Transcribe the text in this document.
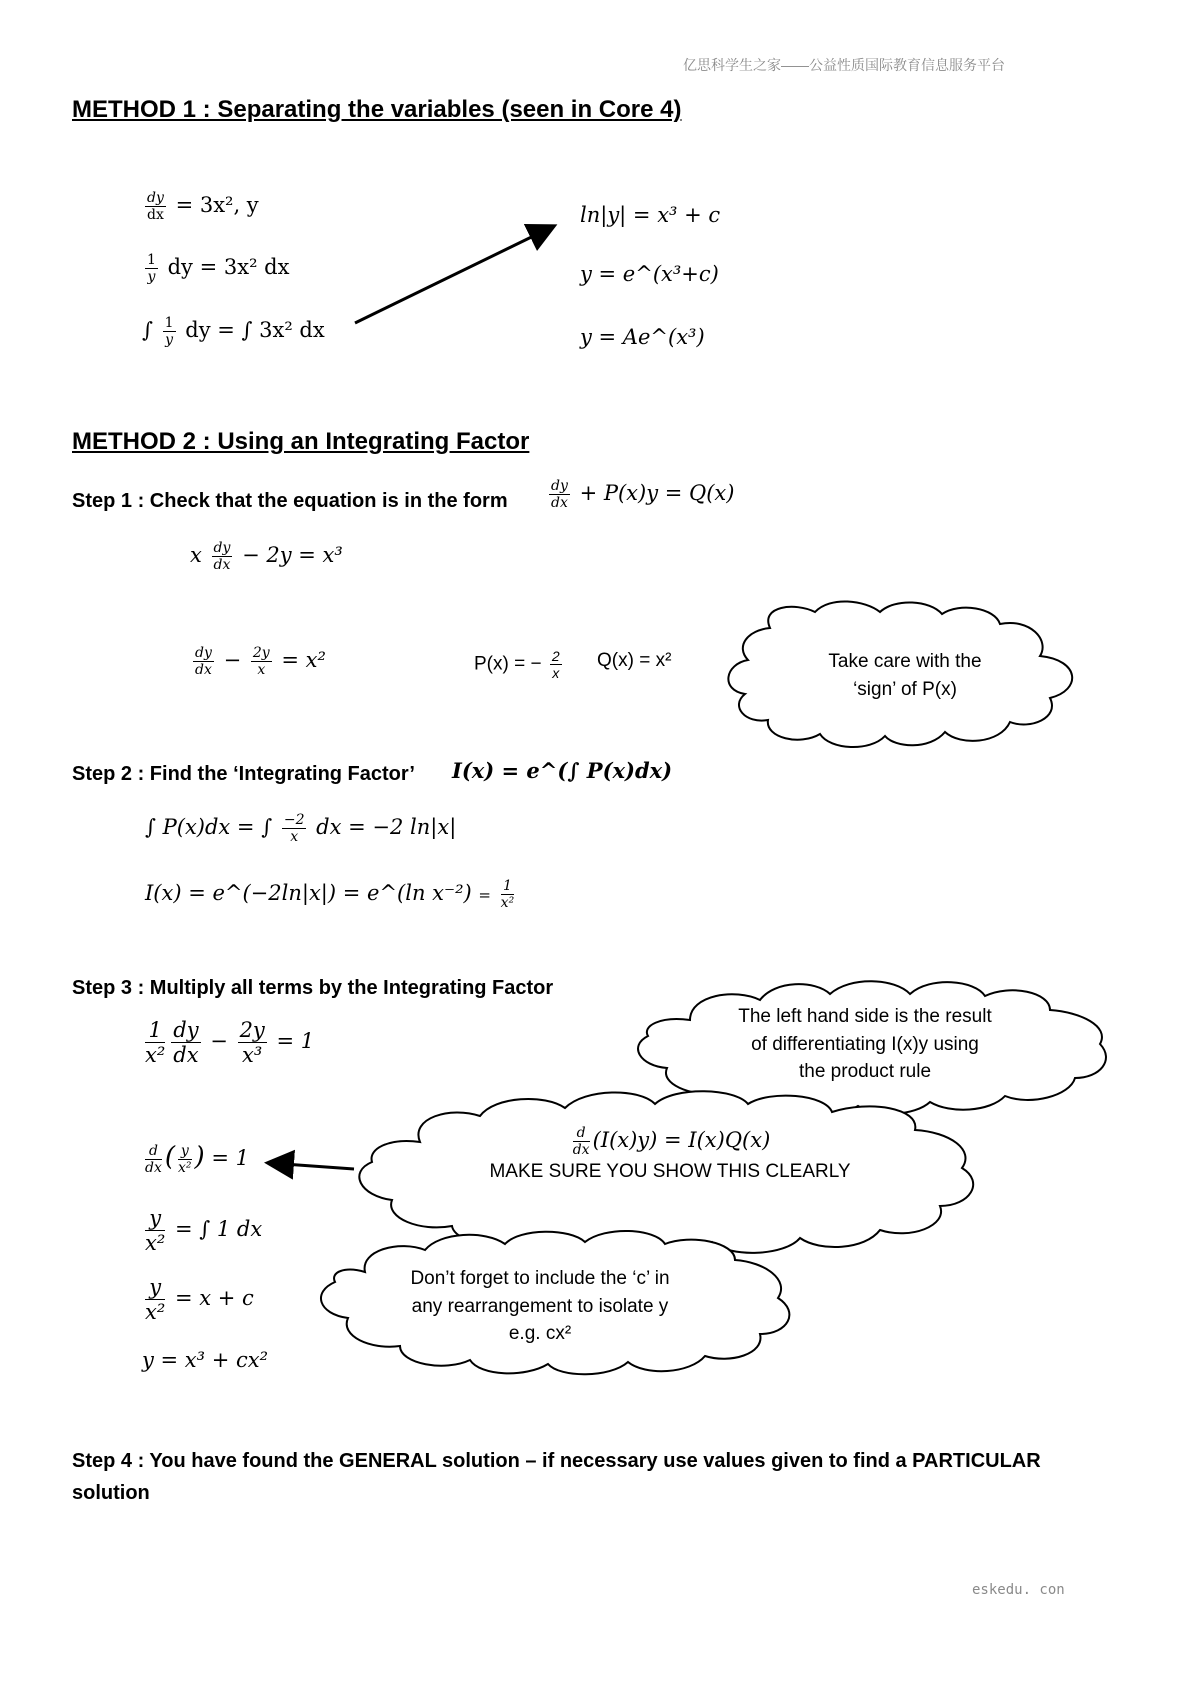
亿思科学生之家——公益性质国际教育信息服务平台
eskedu. con
METHOD 1 : Separating the variables (seen in Core 4)
$\frac{dy}{dx} = 3x^2$, y
$\frac{1}{y}$ dy = 3x² dx
∫ $\frac{1}{y}$ dy = ∫ 3x² dx
ln|y| = x³ + c
y = e^(x³+c)
y = Ae^(x³)
METHOD 2 : Using an Integrating Factor
Step 1 : Check that the equation is in the form	$\frac{dy}{dx} + P(x)y = Q(x)$
x $\frac{dy}{dx} - 2y = x^3$
$\frac{dy}{dx} - \frac{2y}{x} = x^2$	P(x) = − $\frac{2}{x} Q(x) = x^2$	Take care with the
‘sign’ of P(x)
Step 2 : Find the ‘Integrating Factor’ I(x) = e^(∫ P(x)dx)
∫ P(x)dx = ∫ $\frac{-2}{x}$ dx = −2 ln|x|
I(x) = e^(−2ln|x|) = e^(ln $x^{-2}) = \frac{1}{\text{x²}}$
Step 3 : Multiply all terms by the Integrating Factor
$\frac{1}{\text{x²}} \frac{dy}{dx} - \frac{2y}{\text{x³}} = 1$
$\frac{d}{dx}$ ( $\frac{y}{\text{x²}}$ ) = 1
$\frac{y}{\text{x²}}$ = ∫ 1 dx
$\frac{y}{\text{x²}} = x + c$
y = x³ + cx²
The left hand side is the result
of differentiating I(x)y using
the product rule
$\frac{d}{dx} (I(x)y) = I(x)Q(x)$
MAKE SURE YOU SHOW THIS CLEARLY
Don’t forget to include the ‘c’ in
any rearrangement to isolate y
e.g. cx²
Step 4 : You have found the GENERAL solution – if necessary use values given to find a PARTICULAR
solution
